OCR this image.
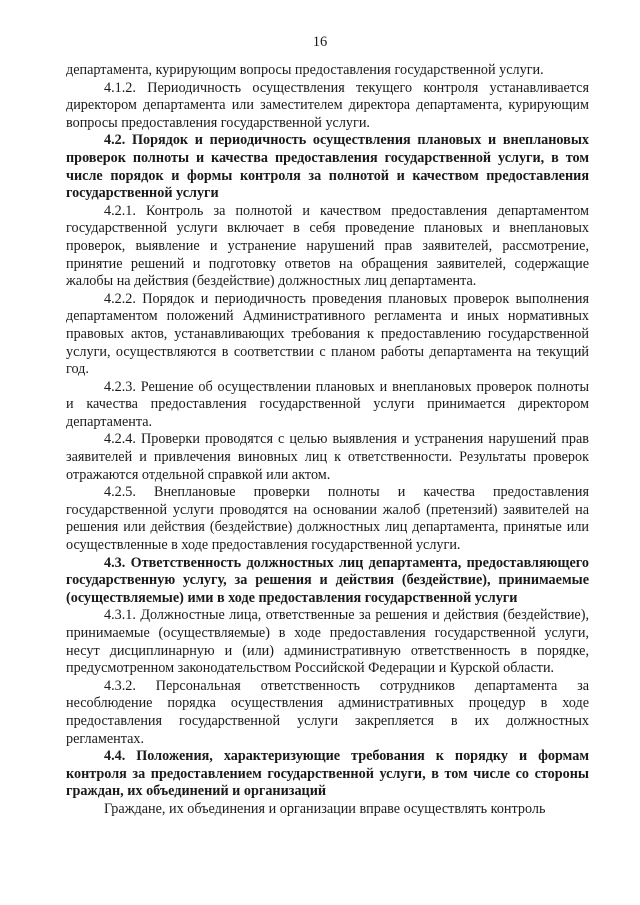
16

департамента, курирующим вопросы предоставления государственной услуги.

4.1.2. Периодичность осуществления текущего контроля устанавливается директором департамента или заместителем директора департамента, курирующим вопросы предоставления государственной услуги.

4.2. Порядок и периодичность осуществления плановых и внеплановых проверок полноты и качества предоставления государственной услуги, в том числе порядок и формы контроля за полнотой и качеством предоставления государственной услуги

4.2.1. Контроль за полнотой и качеством предоставления департаментом государственной услуги включает в себя проведение плановых и внеплановых проверок, выявление и устранение нарушений прав заявителей, рассмотрение, принятие решений и подготовку ответов на обращения заявителей, содержащие жалобы на действия (бездействие) должностных лиц департамента.

4.2.2. Порядок и периодичность проведения плановых проверок выполнения департаментом положений Административного регламента и иных нормативных правовых актов, устанавливающих требования к предоставлению государственной услуги, осуществляются в соответствии с планом работы департамента на текущий год.

4.2.3. Решение об осуществлении плановых и внеплановых проверок полноты и качества предоставления государственной услуги принимается директором департамента.

4.2.4. Проверки проводятся с целью выявления и устранения нарушений прав заявителей и привлечения виновных лиц к ответственности. Результаты проверок отражаются отдельной справкой или актом.

4.2.5. Внеплановые проверки полноты и качества предоставления государственной услуги проводятся на основании жалоб (претензий) заявителей на решения или действия (бездействие) должностных лиц департамента, принятые или осуществленные в ходе предоставления государственной услуги.

4.3. Ответственность должностных лиц департамента, предоставляющего государственную услугу, за решения и действия (бездействие), принимаемые (осуществляемые) ими в ходе предоставления государственной услуги

4.3.1. Должностные лица, ответственные за решения и действия (бездействие), принимаемые (осуществляемые) в ходе предоставления государственной услуги, несут дисциплинарную и (или) административную ответственность в порядке, предусмотренном законодательством Российской Федерации и Курской области.

4.3.2. Персональная ответственность сотрудников департамента за несоблюдение порядка осуществления административных процедур в ходе предоставления государственной услуги закрепляется в их должностных регламентах.

4.4. Положения, характеризующие требования к порядку и формам контроля за предоставлением государственной услуги, в том числе со стороны граждан, их объединений и организаций

Граждане, их объединения и организации вправе осуществлять контроль
